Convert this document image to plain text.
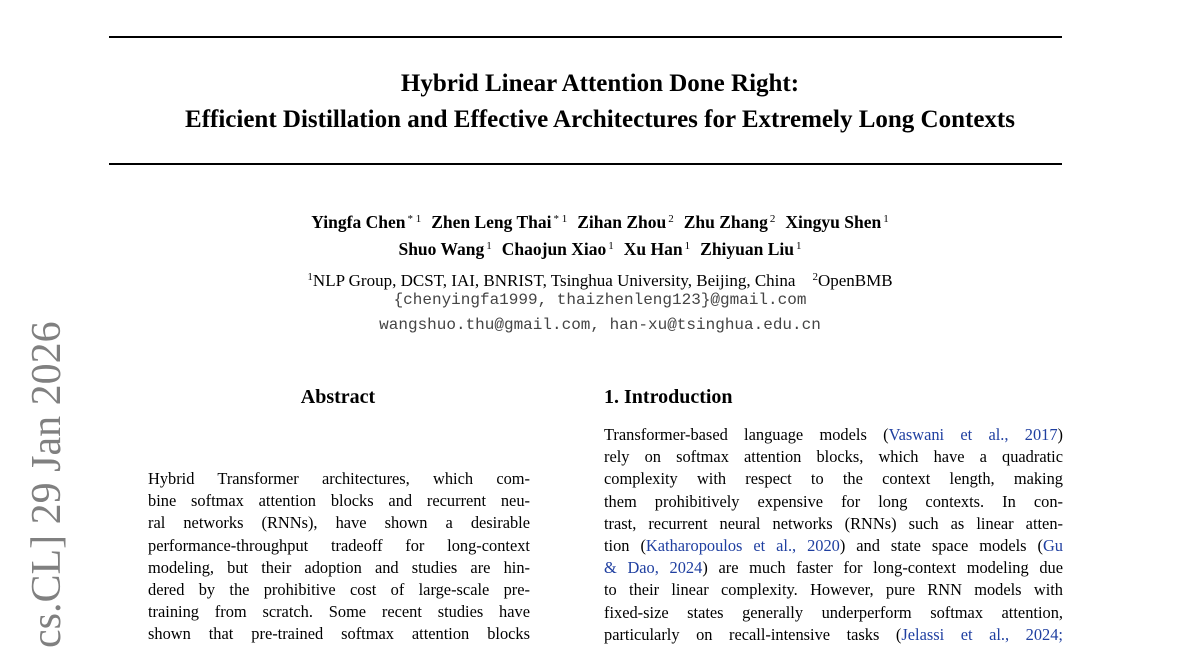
cs.CL] 29 Jan 2026
Hybrid Linear Attention Done Right:
Efficient Distillation and Effective Architectures for Extremely Long Contexts
Yingfa Chen $^{* 1}$ Zhen Leng Thai $^{* 1}$ Zihan Zhou $^2$ Zhu Zhang $^2$ Xingyu Shen $^1$
Shuo Wang $^1$ Chaojun Xiao $^1$ Xu Han $^1$ Zhiyuan Liu $^1$
$^1$NLP Group, DCST, IAI, BNRIST, Tsinghua University, Beijing, China $^2$OpenBMB
{chenyingfa1999, thaizhenleng123}@gmail.com
wangshuo.thu@gmail.com, han-xu@tsinghua.edu.cn
Abstract
Hybrid Transformer architectures, which com-
bine softmax attention blocks and recurrent neu-
ral networks (RNNs), have shown a desirable
performance-throughput tradeoff for long-context
modeling, but their adoption and studies are hin-
dered by the prohibitive cost of large-scale pre-
training from scratch. Some recent studies have
shown that pre-trained softmax attention blocks
1. Introduction
Transformer-based language models (Vaswani et al., 2017)
rely on softmax attention blocks, which have a quadratic
complexity with respect to the context length, making
them prohibitively expensive for long contexts. In con-
trast, recurrent neural networks (RNNs) such as linear atten-
tion (Katharopoulos et al., 2020) and state space models (Gu
& Dao, 2024) are much faster for long-context modeling due
to their linear complexity. However, pure RNN models with
fixed-size states generally underperform softmax attention,
particularly on recall-intensive tasks (Jelassi et al., 2024;
